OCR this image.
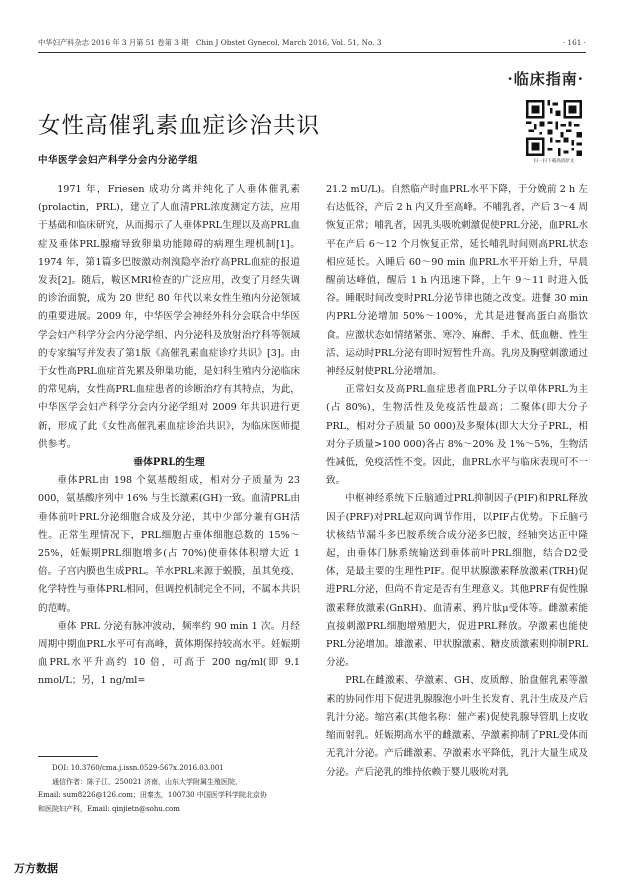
中华妇产科杂志 2016 年 3 月第 51 卷第 3 期　Chin J Obstet Gynecol, March 2016, Vol. 51, No. 3	· 161 ·
·临床指南·
扫一扫下载高清原文
女性高催乳素血症诊治共识
中华医学会妇产科学分会内分泌学组

1971 年，Friesen 成功分离并纯化了人垂体催乳素(prolactin，PRL)，建立了人血清PRL浓度测定方法，应用于基础和临床研究，从而揭示了人垂体PRL生理以及高PRL血症及垂体PRL腺瘤导致卵巢功能障碍的病理生理机制[1]。1974 年，第1篇多巴胺激动剂溴隐亭治疗高PRL血症的报道发表[2]。随后，鞍区MRI检查的广泛应用，改变了月经失调的诊治面貌，成为 20 世纪 80 年代以来女性生殖内分泌领域的重要进展。2009 年，中华医学会神经外科分会联合中华医学会妇产科学分会内分泌学组、内分泌科及放射治疗科等领域的专家编写并发表了第1版《高催乳素血症诊疗共识》[3]。由于女性高PRL血症首先累及卵巢功能，是妇科生殖内分泌临床的常见病，女性高PRL血症患者的诊断治疗有其特点，为此，中华医学会妇产科学分会内分泌学组对 2009 年共识进行更新，形成了此《女性高催乳素血症诊治共识》，为临床医师提供参考。

垂体PRL的生理

垂体PRL由 198 个氨基酸组成，相对分子质量为 23 000，氨基酸序列中 16% 与生长激素(GH)一致。血清PRL由垂体前叶PRL分泌细胞合成及分泌，其中少部分兼有GH活性。正常生理情况下，PRL细胞占垂体细胞总数的 15%～25%，妊娠期PRL细胞增多(占 70%)使垂体体积增大近 1 倍。子宫内膜也生成PRL。羊水PRL来源于蜕膜，虽其免疫、化学特性与垂体PRL相同，但调控机制完全不同，不属本共识的范畴。

垂体 PRL 分泌有脉冲波动，频率约 90 min 1 次。月经周期中期血PRL水平可有高峰，黄体期保持较高水平。妊娠期血PRL水平升高约 10 倍，可高于 200 ng/ml(即 9.1 nmol/L；另，1 ng/ml=

21.2 mU/L)。自然临产时血PRL水平下降，于分娩前 2 h 左右达低谷，产后 2 h 内又升至高峰。不哺乳者，产后 3～4 周恢复正常；哺乳者，因乳头吸吮刺激促使PRL分泌，血PRL水平在产后 6～12 个月恢复正常，延长哺乳时间则高PRL状态相应延长。入睡后 60～90 min 血PRL水平开始上升，早晨醒前达峰值，醒后 1 h 内迅速下降，上午 9～11 时进入低谷。睡眠时间改变时PRL分泌节律也随之改变。进餐 30 min 内PRL分泌增加 50%～100%，尤其是进餐高蛋白高脂饮食。应激状态如情绪紧张、寒冷、麻醉、手术、低血糖、性生活、运动时PRL分泌有即时短暂性升高。乳房及胸壁刺激通过神经反射使PRL分泌增加。

正常妇女及高PRL血症患者血PRL分子以单体PRL为主(占 80%)，生物活性及免疫活性最高；二聚体(即大分子PRL，相对分子质量 50 000)及多聚体(即大大分子PRL，相对分子质量>100 000)各占 8%～20% 及 1%～5%，生物活性减低，免疫活性不变。因此，血PRL水平与临床表现可不一致。

中枢神经系统下丘脑通过PRL抑制因子(PIF)和PRL释放因子(PRF)对PRL起双向调节作用，以PIF占优势。下丘脑弓状核结节漏斗多巴胺系统合成分泌多巴胺，经轴突达正中隆起，由垂体门脉系统输送到垂体前叶PRL细胞，结合D2受体，是最主要的生理性PIF。促甲状腺激素释放激素(TRH)促进PRL分泌，但尚不肯定是否有生理意义。其他PRF有促性腺激素释放激素(GnRH)、血清素、鸦片肽μ受体等。雌激素能直接刺激PRL细胞增殖肥大，促进PRL释放。孕激素也能使PRL分泌增加。雄激素、甲状腺激素、糖皮质激素则抑制PRL分泌。

PRL在雌激素、孕激素、GH、皮质醇、胎盘催乳素等激素的协同作用下促进乳腺腺泡小叶生长发育、乳汁生成及产后乳汁分泌。缩宫素(其他名称：催产素)促使乳腺导管肌上皮收缩而射乳。妊娠期高水平的雌激素、孕激素抑制了PRL受体而无乳汁分泌。产后雌激素、孕激素水平降低，乳汁大量生成及分泌。产后泌乳的维持依赖于婴儿吸吮对乳

DOI: 10.3760/cma.j.issn.0529-567x.2016.03.001
通信作者：陈子江，250021 济南，山东大学附属生殖医院，
Email: sum8226@126.com；田秦杰，100730 中国医学科学院北京协
和医院妇产科，Email: qinjietn@sohu.com
万方数据
